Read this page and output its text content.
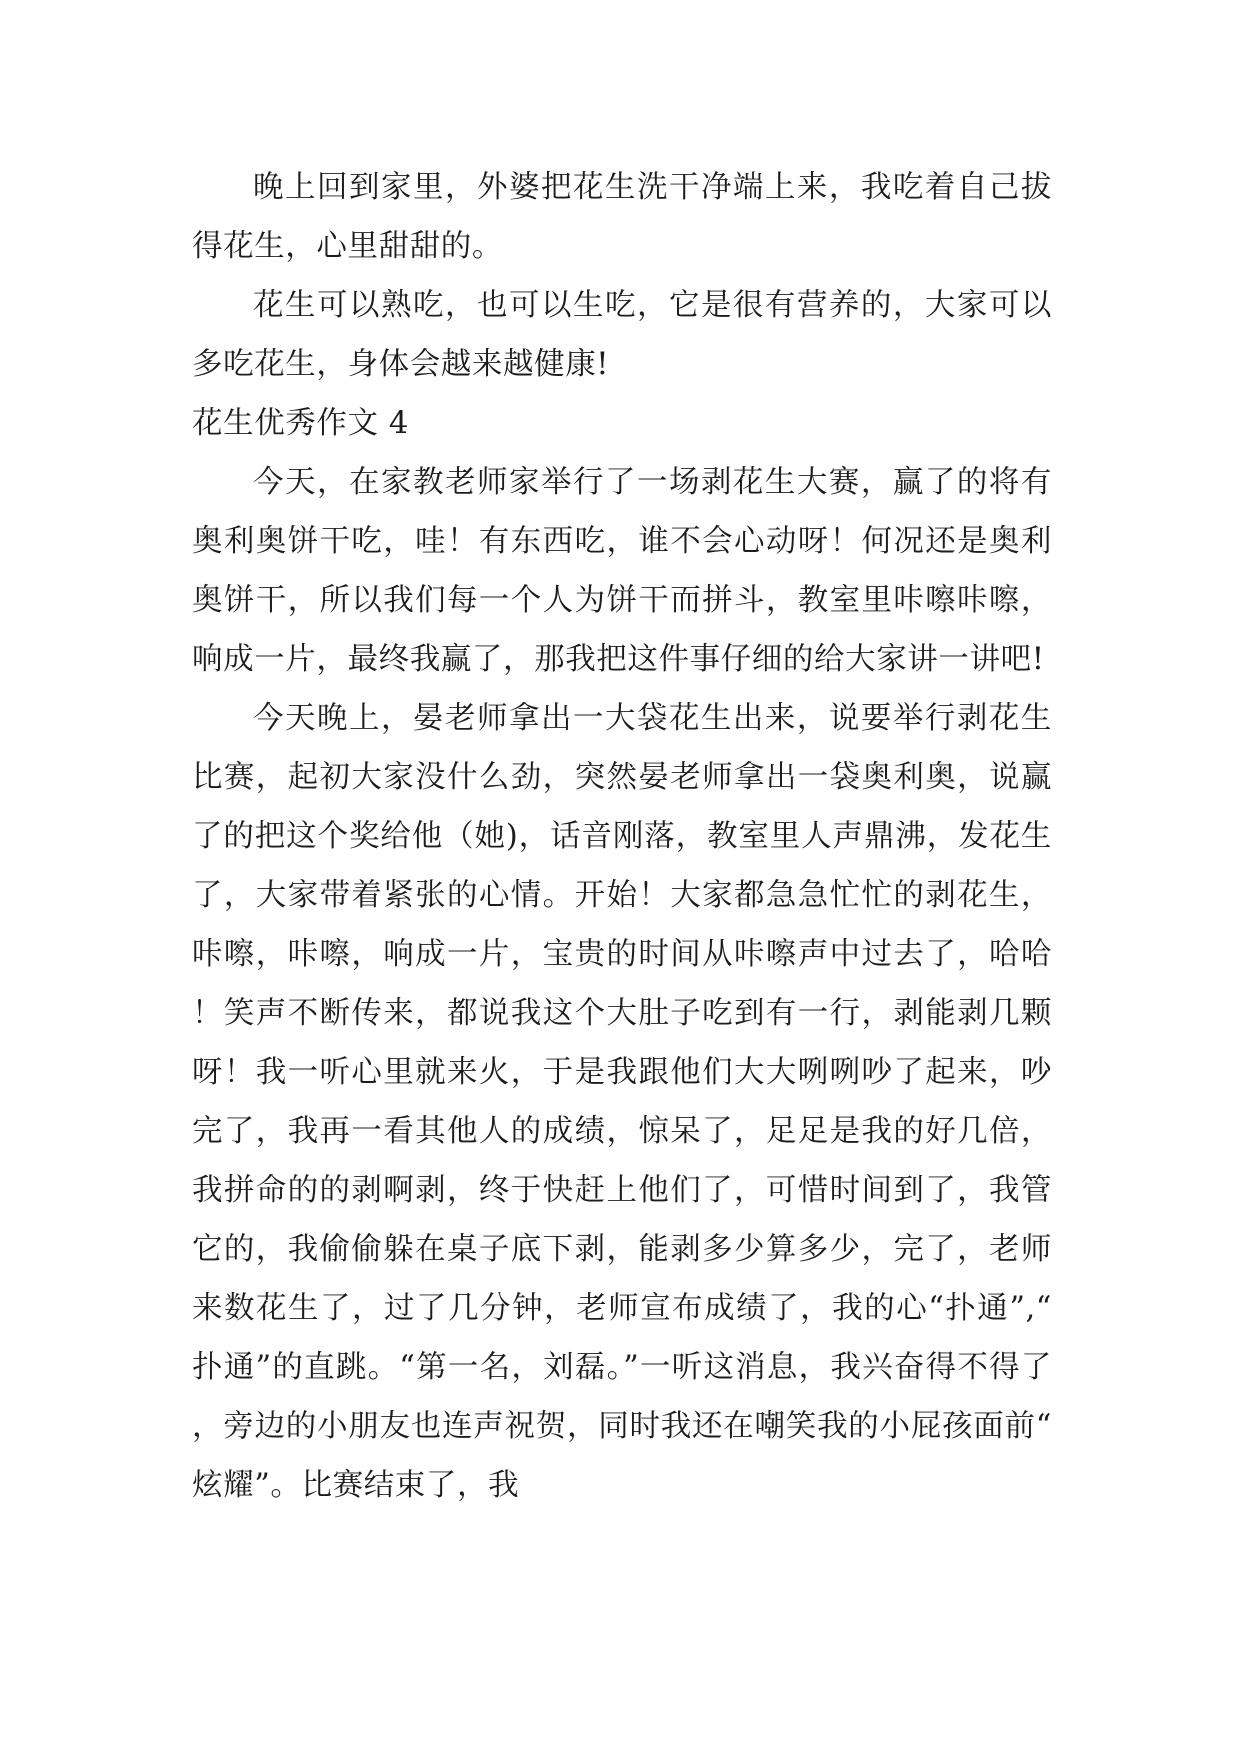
晚上回到家里，外婆把花生洗干净端上来，我吃着自己拔得花生，心里甜甜的。

花生可以熟吃，也可以生吃，它是很有营养的，大家可以多吃花生，身体会越来越健康!

花生优秀作文 4

今天，在家教老师家举行了一场剥花生大赛，赢了的将有奥利奥饼干吃，哇！有东西吃，谁不会心动呀！何况还是奥利奥饼干，所以我们每一个人为饼干而拼斗，教室里咔嚓咔嚓，响成一片，最终我赢了，那我把这件事仔细的给大家讲一讲吧!

今天晚上，晏老师拿出一大袋花生出来，说要举行剥花生比赛，起初大家没什么劲，突然晏老师拿出一袋奥利奥，说赢了的把这个奖给他（她)，话音刚落，教室里人声鼎沸，发花生了，大家带着紧张的心情。开始！大家都急急忙忙的剥花生，咔嚓，咔嚓，响成一片，宝贵的时间从咔嚓声中过去了，哈哈！笑声不断传来，都说我这个大肚子吃到有一行，剥能剥几颗呀！我一听心里就来火，于是我跟他们大大咧咧吵了起来，吵完了，我再一看其他人的成绩，惊呆了，足足是我的好几倍，我拼命的的剥啊剥，终于快赶上他们了，可惜时间到了，我管它的，我偷偷躲在桌子底下剥，能剥多少算多少，完了，老师来数花生了，过了几分钟，老师宣布成绩了，我的心“扑通”,“扑通”的直跳。“第一名，刘磊。”一听这消息，我兴奋得不得了，旁边的小朋友也连声祝贺，同时我还在嘲笑我的小屁孩面前“炫耀”。比赛结束了，我
